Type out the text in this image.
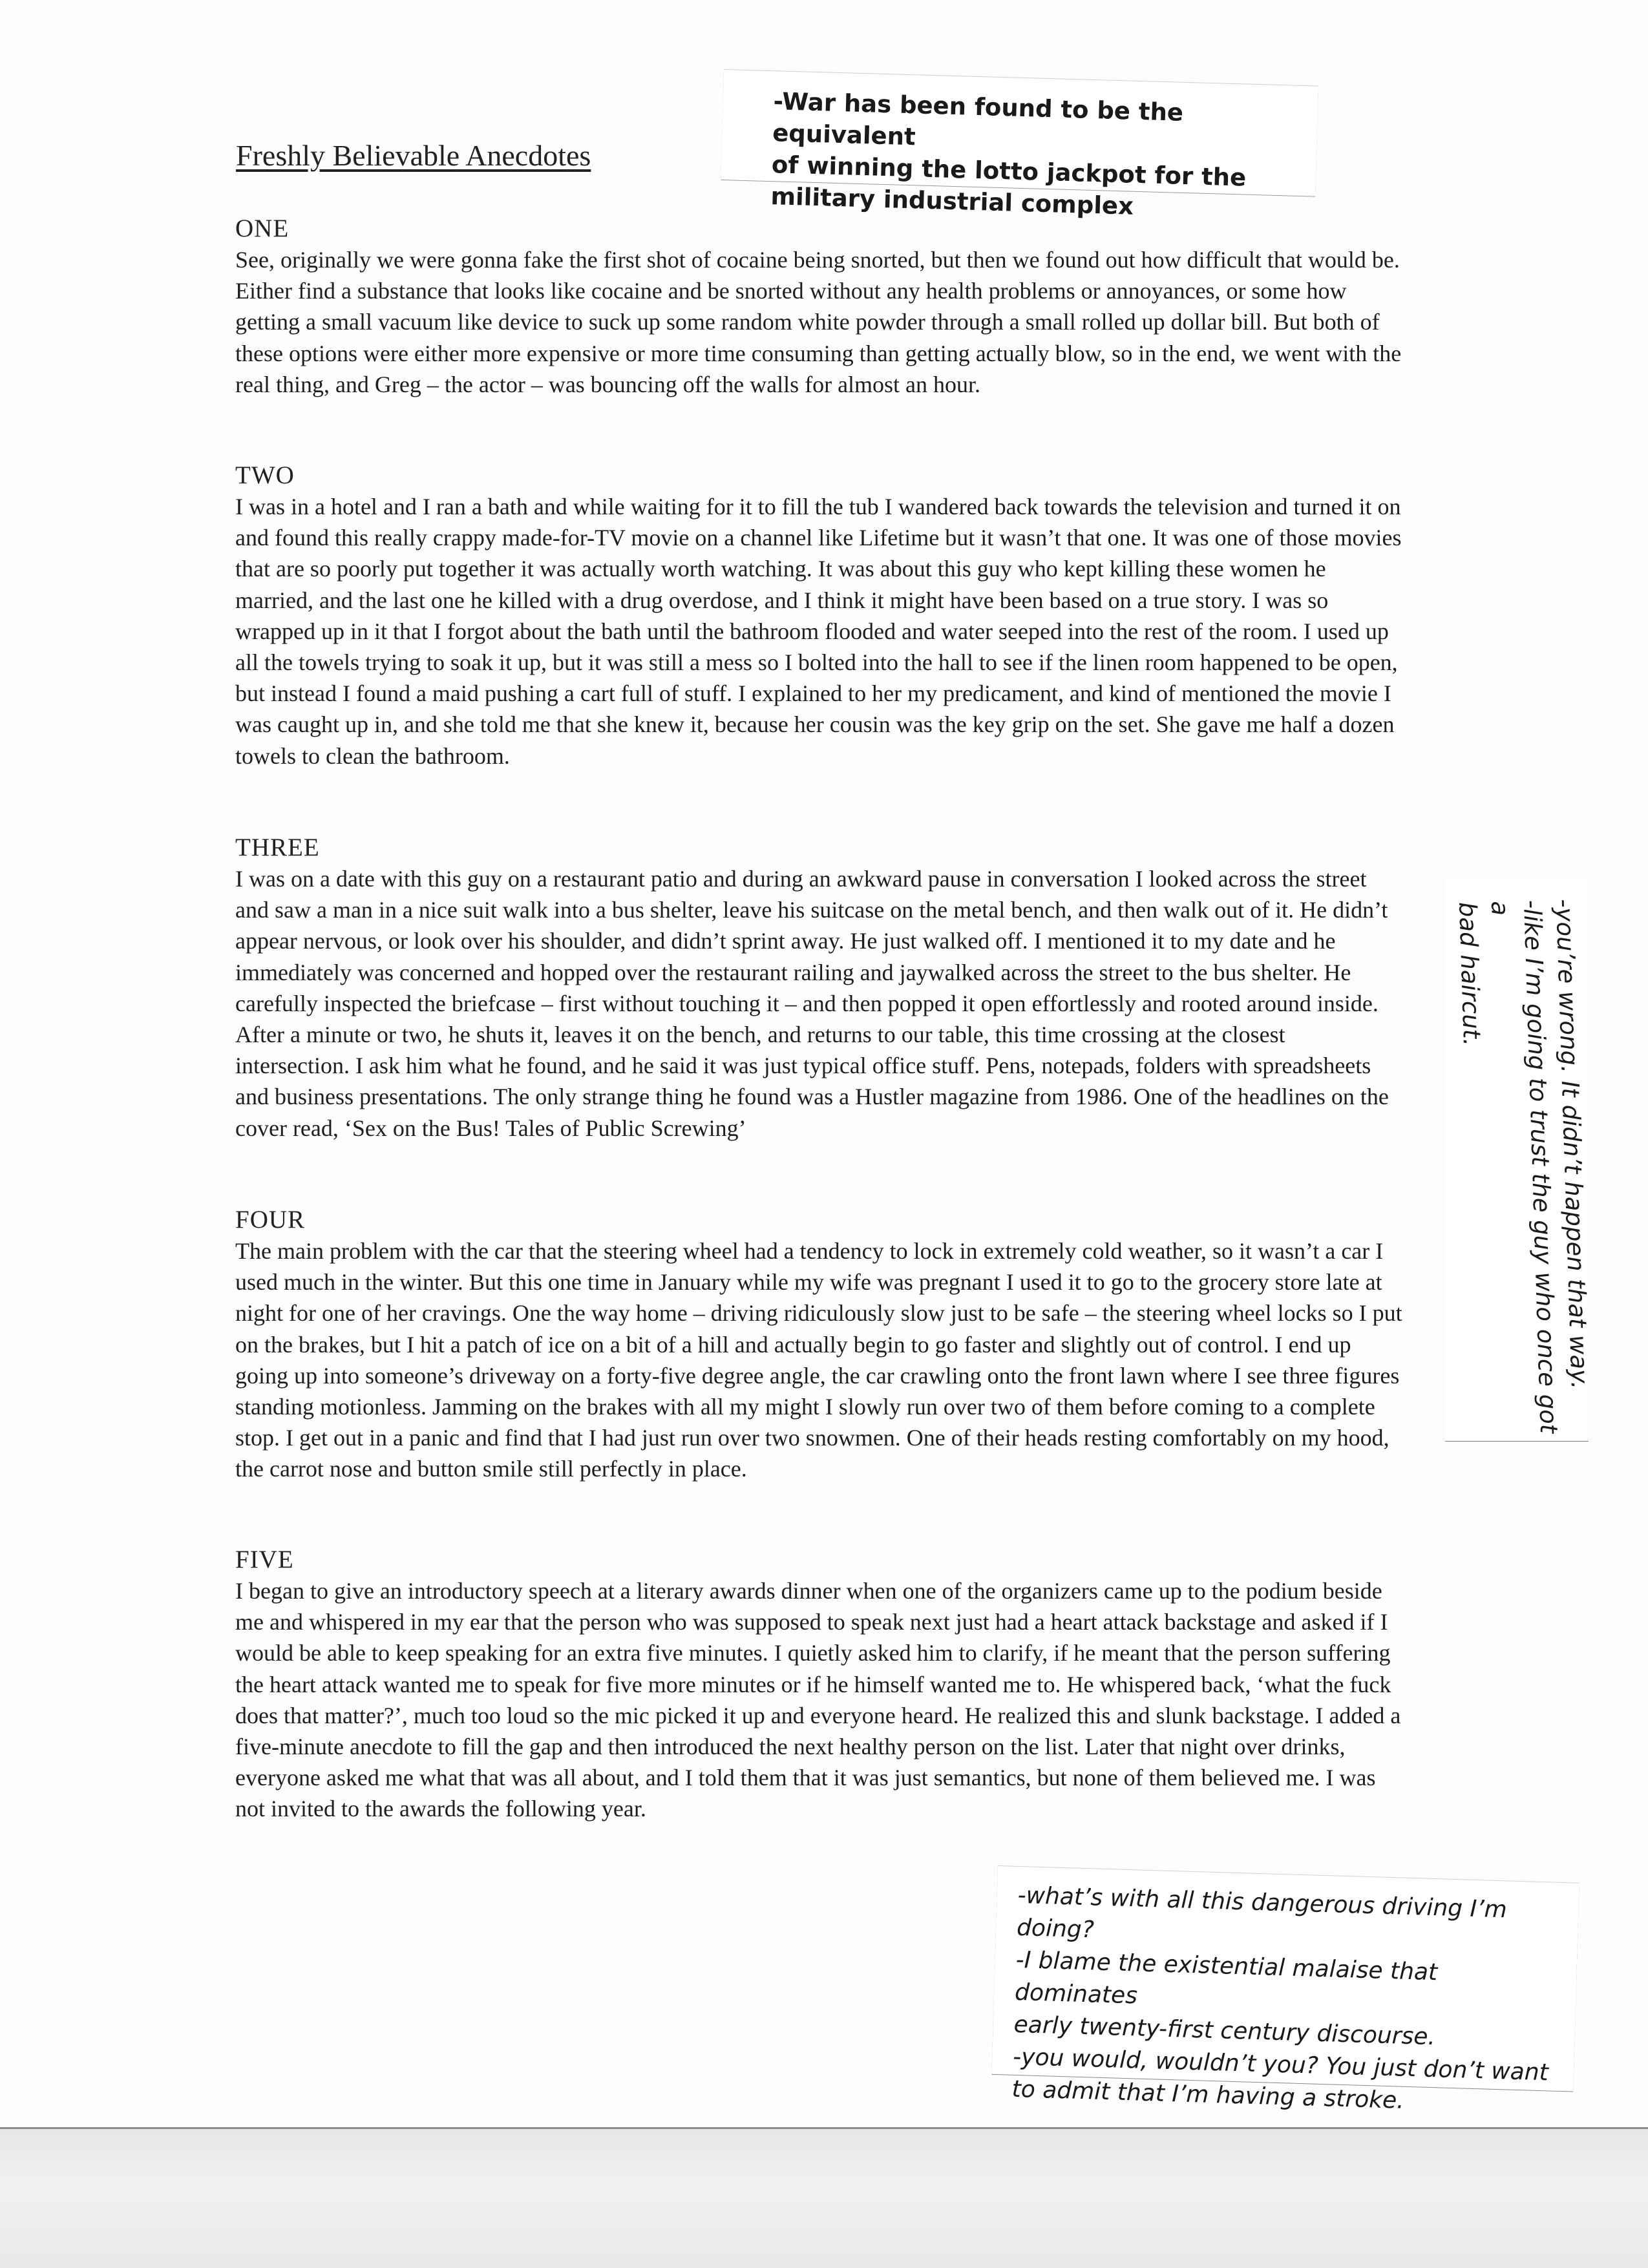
Freshly Believable Anecdotes

ONE

See, originally we were gonna fake the first shot of cocaine being snorted, but then we found out how difficult that would be. Either find a substance that looks like cocaine and be snorted without any health problems or annoyances, or some how getting a small vacuum like device to suck up some random white powder through a small rolled up dollar bill. But both of these options were either more expensive or more time consuming than getting actually blow, so in the end, we went with the real thing, and Greg – the actor – was bouncing off the walls for almost an hour.

TWO

I was in a hotel and I ran a bath and while waiting for it to fill the tub I wandered back towards the television and turned it on and found this really crappy made-for-TV movie on a channel like Lifetime but it wasn’t that one. It was one of those movies that are so poorly put together it was actually worth watching. It was about this guy who kept killing these women he married, and the last one he killed with a drug overdose, and I think it might have been based on a true story. I was so wrapped up in it that I forgot about the bath until the bathroom flooded and water seeped into the rest of the room. I used up all the towels trying to soak it up, but it was still a mess so I bolted into the hall to see if the linen room happened to be open, but instead I found a maid pushing a cart full of stuff. I explained to her my predicament, and kind of mentioned the movie I was caught up in, and she told me that she knew it, because her cousin was the key grip on the set. She gave me half a dozen towels to clean the bathroom.

THREE

I was on a date with this guy on a restaurant patio and during an awkward pause in conversation I looked across the street and saw a man in a nice suit walk into a bus shelter, leave his suitcase on the metal bench, and then walk out of it. He didn’t appear nervous, or look over his shoulder, and didn’t sprint away. He just walked off. I mentioned it to my date and he immediately was concerned and hopped over the restaurant railing and jaywalked across the street to the bus shelter. He carefully inspected the briefcase – first without touching it – and then popped it open effortlessly and rooted around inside. After a minute or two, he shuts it, leaves it on the bench, and returns to our table, this time crossing at the closest intersection. I ask him what he found, and he said it was just typical office stuff. Pens, notepads, folders with spreadsheets and business presentations. The only strange thing he found was a Hustler magazine from 1986. One of the headlines on the cover read, ‘Sex on the Bus! Tales of Public Screwing’

FOUR

The main problem with the car that the steering wheel had a tendency to lock in extremely cold weather, so it wasn’t a car I used much in the winter. But this one time in January while my wife was pregnant I used it to go to the grocery store late at night for one of her cravings. One the way home – driving ridiculously slow just to be safe – the steering wheel locks so I put on the brakes, but I hit a patch of ice on a bit of a hill and actually begin to go faster and slightly out of control. I end up going up into someone’s driveway on a forty-five degree angle, the car crawling onto the front lawn where I see three figures standing motionless. Jamming on the brakes with all my might I slowly run over two of them before coming to a complete stop. I get out in a panic and find that I had just run over two snowmen. One of their heads resting comfortably on my hood, the carrot nose and button smile still perfectly in place.

FIVE

I began to give an introductory speech at a literary awards dinner when one of the organizers came up to the podium beside me and whispered in my ear that the person who was supposed to speak next just had a heart attack backstage and asked if I would be able to keep speaking for an extra five minutes. I quietly asked him to clarify, if he meant that the person suffering the heart attack wanted me to speak for five more minutes or if he himself wanted me to. He whispered back, ‘what the fuck does that matter?’, much too loud so the mic picked it up and everyone heard. He realized this and slunk backstage. I added a five-minute anecdote to fill the gap and then introduced the next healthy person on the list. Later that night over drinks, everyone asked me what that was all about, and I told them that it was just semantics, but none of them believed me. I was not invited to the awards the following year.

-War has been found to be the equivalent
of winning the lotto jackpot for the
military industrial complex
-you’re wrong. It didn’t happen that way.
-like I’m going to trust the guy who once got a
bad haircut.
-what’s with all this dangerous driving I’m
doing?
-I blame the existential malaise that dominates
early twenty-first century discourse.
-you would, wouldn’t you? You just don’t want
to admit that I’m having a stroke.
